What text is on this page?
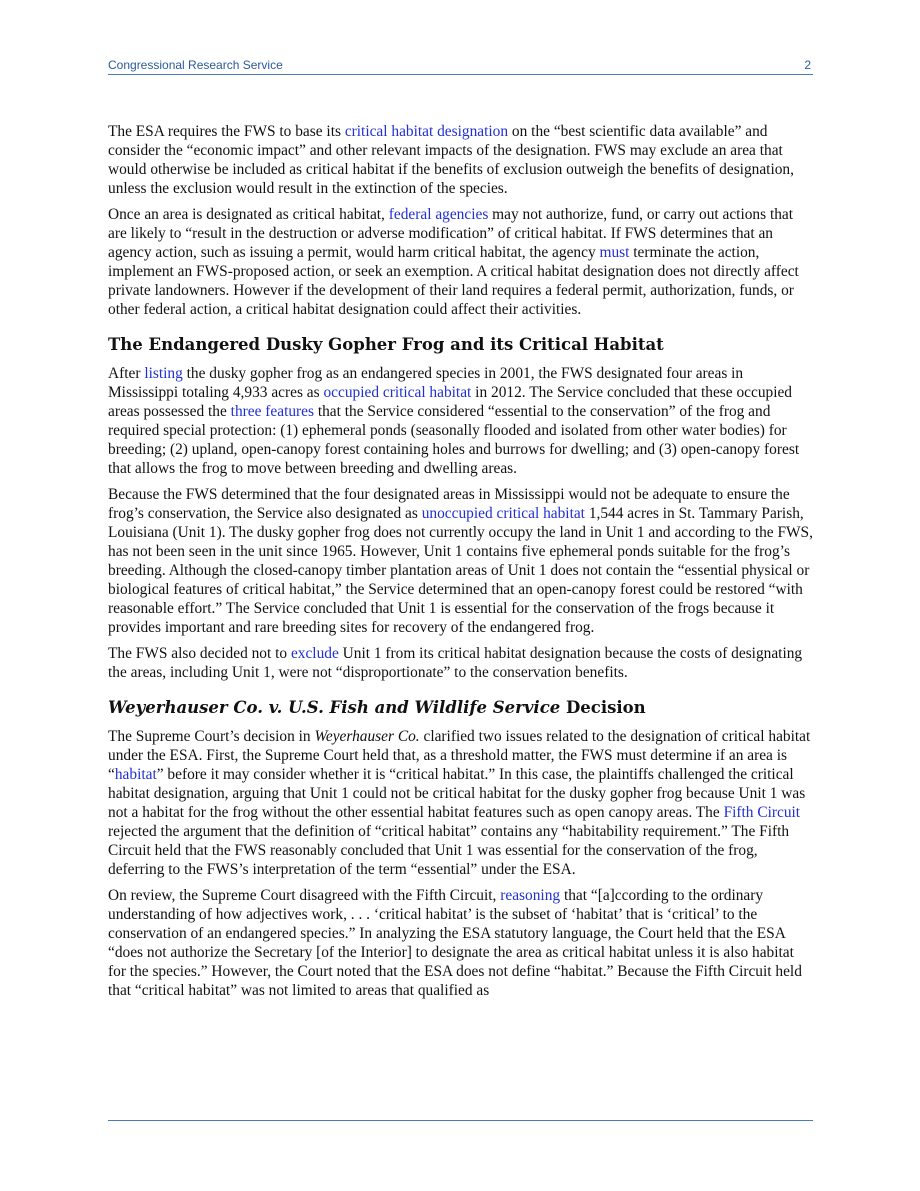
Congressional Research Service	2

The ESA requires the FWS to base its critical habitat designation on the “best scientific data available” and consider the “economic impact” and other relevant impacts of the designation. FWS may exclude an area that would otherwise be included as critical habitat if the benefits of exclusion outweigh the benefits of designation, unless the exclusion would result in the extinction of the species.

Once an area is designated as critical habitat, federal agencies may not authorize, fund, or carry out actions that are likely to “result in the destruction or adverse modification” of critical habitat. If FWS determines that an agency action, such as issuing a permit, would harm critical habitat, the agency must terminate the action, implement an FWS-proposed action, or seek an exemption. A critical habitat designation does not directly affect private landowners. However if the development of their land requires a federal permit, authorization, funds, or other federal action, a critical habitat designation could affect their activities.

The Endangered Dusky Gopher Frog and its Critical Habitat

After listing the dusky gopher frog as an endangered species in 2001, the FWS designated four areas in Mississippi totaling 4,933 acres as occupied critical habitat in 2012. The Service concluded that these occupied areas possessed the three features that the Service considered “essential to the conservation” of the frog and required special protection: (1) ephemeral ponds (seasonally flooded and isolated from other water bodies) for breeding; (2) upland, open-canopy forest containing holes and burrows for dwelling; and (3) open-canopy forest that allows the frog to move between breeding and dwelling areas.

Because the FWS determined that the four designated areas in Mississippi would not be adequate to ensure the frog’s conservation, the Service also designated as unoccupied critical habitat 1,544 acres in St. Tammary Parish, Louisiana (Unit 1). The dusky gopher frog does not currently occupy the land in Unit 1 and according to the FWS, has not been seen in the unit since 1965. However, Unit 1 contains five ephemeral ponds suitable for the frog’s breeding. Although the closed-canopy timber plantation areas of Unit 1 does not contain the “essential physical or biological features of critical habitat,” the Service determined that an open-canopy forest could be restored “with reasonable effort.” The Service concluded that Unit 1 is essential for the conservation of the frogs because it provides important and rare breeding sites for recovery of the endangered frog.

The FWS also decided not to exclude Unit 1 from its critical habitat designation because the costs of designating the areas, including Unit 1, were not “disproportionate” to the conservation benefits.

Weyerhauser Co. v. U.S. Fish and Wildlife Service Decision

The Supreme Court’s decision in Weyerhauser Co. clarified two issues related to the designation of critical habitat under the ESA. First, the Supreme Court held that, as a threshold matter, the FWS must determine if an area is “habitat” before it may consider whether it is “critical habitat.” In this case, the plaintiffs challenged the critical habitat designation, arguing that Unit 1 could not be critical habitat for the dusky gopher frog because Unit 1 was not a habitat for the frog without the other essential habitat features such as open canopy areas. The Fifth Circuit rejected the argument that the definition of “critical habitat” contains any “habitability requirement.” The Fifth Circuit held that the FWS reasonably concluded that Unit 1 was essential for the conservation of the frog, deferring to the FWS’s interpretation of the term “essential” under the ESA.

On review, the Supreme Court disagreed with the Fifth Circuit, reasoning that “[a]ccording to the ordinary understanding of how adjectives work, . . . ‘critical habitat’ is the subset of ‘habitat’ that is ‘critical’ to the conservation of an endangered species.” In analyzing the ESA statutory language, the Court held that the ESA “does not authorize the Secretary [of the Interior] to designate the area as critical habitat unless it is also habitat for the species.” However, the Court noted that the ESA does not define “habitat.” Because the Fifth Circuit held that “critical habitat” was not limited to areas that qualified as
